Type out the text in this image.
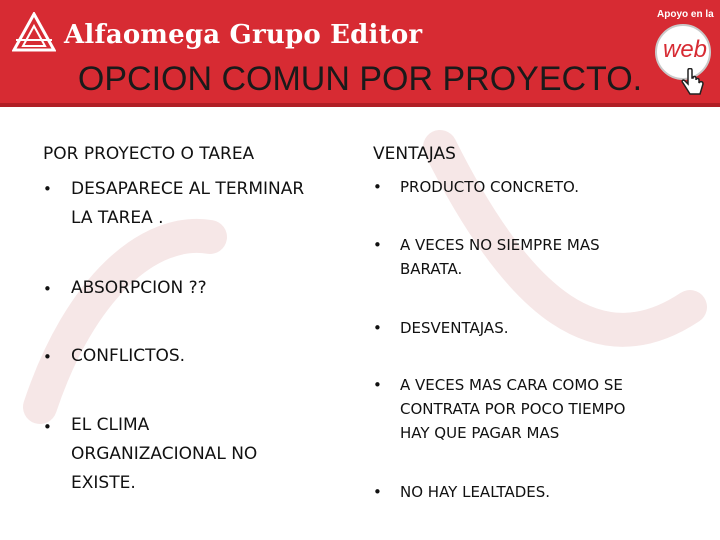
Alfaomega Grupo Editor
Apoyo en la
web
OPCION COMUN POR PROYECTO.
POR PROYECTO O TAREA	VENTAJAS
• DESAPARECE AL TERMINAR
LA TAREA .
• ABSORPCION ??
• CONFLICTOS.
• EL CLIMA
ORGANIZACIONAL NO
EXISTE.
• PRODUCTO CONCRETO.
• A VECES NO SIEMPRE MAS
BARATA.
• DESVENTAJAS.
• A VECES MAS CARA COMO SE
CONTRATA POR POCO TIEMPO
HAY QUE PAGAR MAS
• NO HAY LEALTADES.
